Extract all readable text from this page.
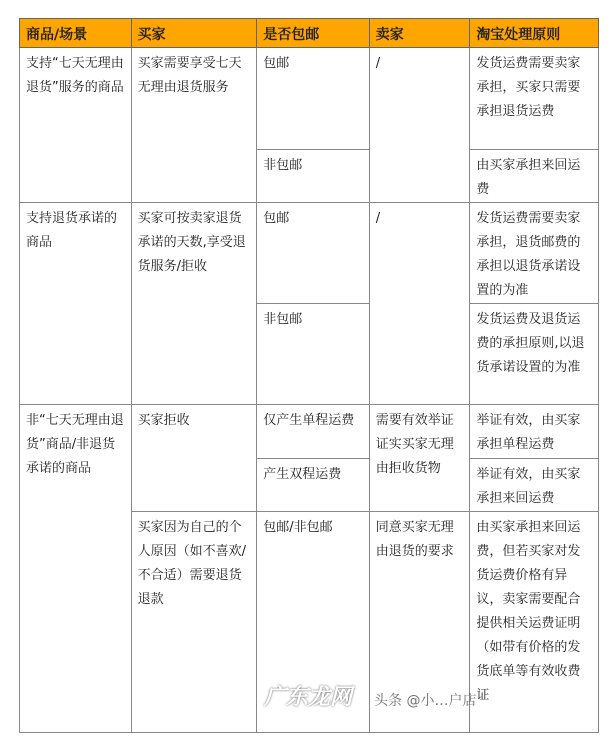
商品/场景	买家	是否包邮	卖家	淘宝处理原则
支持“七天无理由退货”服务的商品	买家需要享受七天无理由退货服务	包邮	/	发货运费需要卖家承担，买家只需要承担退货运费
		非包邮		由买家承担来回运费
支持退货承诺的商品	买家可按卖家退货承诺的天数,享受退货服务/拒收	包邮	/	发货运费需要卖家承担，退货邮费的承担以退货承诺设置的为准
		非包邮		发货运费及退货运费的承担原则,以退货承诺设置的为准
非“七天无理由退货”商品/非退货承诺的商品	买家拒收	仅产生单程运费	需要有效举证证实买家无理由拒收货物	举证有效，由买家承担单程运费
		产生双程运费		举证有效，由买家承担来回运费
	买家因为自己的个人原因（如不喜欢/不合适）需要退货退款	包邮/非包邮	同意买家无理由退货的要求	由买家承担来回运费，但若买家对发货运费价格有异议，卖家需要配合提供相关运费证明（如带有价格的发货底单等有效收费证
广东龙网 头条 @小…户店
